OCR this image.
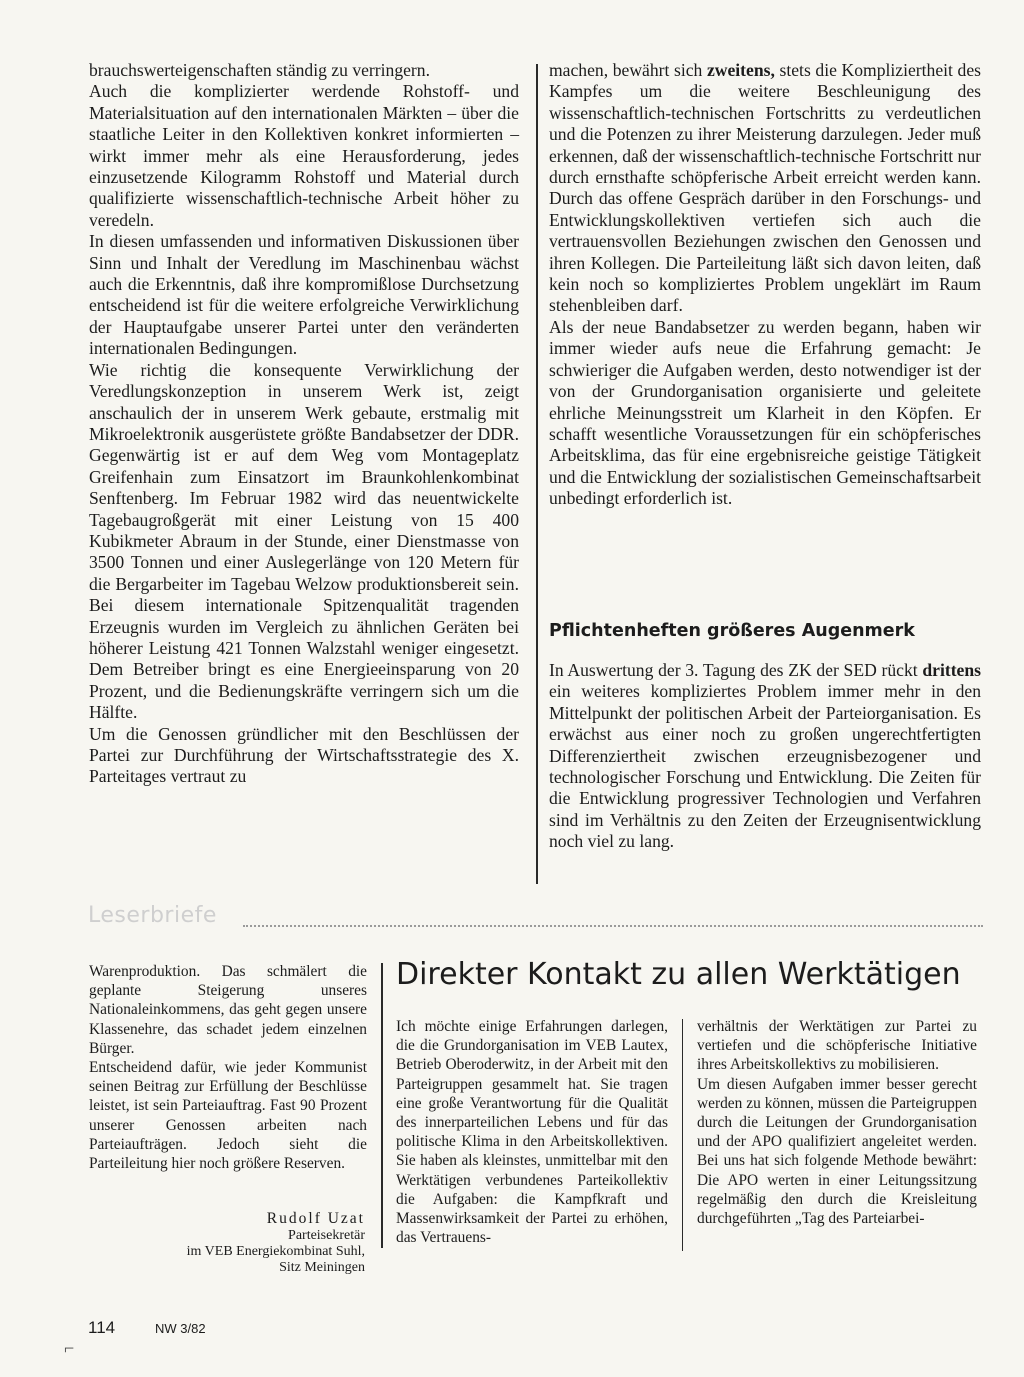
brauchswerteigenschaften ständig zu verringern.

Auch die komplizierter werdende Rohstoff- und Materialsituation auf den internationalen Märkten – über die staatliche Leiter in den Kollektiven konkret informierten – wirkt immer mehr als eine Herausforderung, jedes einzusetzende Kilogramm Rohstoff und Material durch qualifizierte wissenschaftlich-technische Arbeit höher zu veredeln.

In diesen umfassenden und informativen Diskussionen über Sinn und Inhalt der Veredlung im Maschinenbau wächst auch die Erkenntnis, daß ihre kompromißlose Durchsetzung entscheidend ist für die weitere erfolgreiche Verwirklichung der Hauptaufgabe unserer Partei unter den veränderten internationalen Bedingungen.

Wie richtig die konsequente Verwirklichung der Veredlungskonzeption in unserem Werk ist, zeigt anschaulich der in unserem Werk gebaute, erstmalig mit Mikroelektronik ausgerüstete größte Bandabsetzer der DDR. Gegenwärtig ist er auf dem Weg vom Montageplatz Greifenhain zum Einsatzort im Braunkohlenkombinat Senftenberg. Im Februar 1982 wird das neuentwickelte Tagebaugroßgerät mit einer Leistung von 15 400 Kubikmeter Abraum in der Stunde, einer Dienstmasse von 3500 Tonnen und einer Auslegerlänge von 120 Metern für die Bergarbeiter im Tagebau Welzow produktionsbereit sein. Bei diesem internationale Spitzenqualität tragenden Erzeugnis wurden im Vergleich zu ähnlichen Geräten bei höherer Leistung 421 Tonnen Walzstahl weniger eingesetzt. Dem Betreiber bringt es eine Energieeinsparung von 20 Prozent, und die Bedienungskräfte verringern sich um die Hälfte.

Um die Genossen gründlicher mit den Beschlüssen der Partei zur Durchführung der Wirtschaftsstrategie des X. Parteitages vertraut zu

machen, bewährt sich zweitens, stets die Kompliziertheit des Kampfes um die weitere Beschleunigung des wissenschaftlich-technischen Fortschritts zu verdeutlichen und die Potenzen zu ihrer Meisterung darzulegen. Jeder muß erkennen, daß der wissenschaftlich-technische Fortschritt nur durch ernsthafte schöpferische Arbeit erreicht werden kann. Durch das offene Gespräch darüber in den Forschungs- und Entwicklungskollektiven vertiefen sich auch die vertrauensvollen Beziehungen zwischen den Genossen und ihren Kollegen. Die Parteileitung läßt sich davon leiten, daß kein noch so kompliziertes Problem ungeklärt im Raum stehenbleiben darf.

Als der neue Bandabsetzer zu werden begann, haben wir immer wieder aufs neue die Erfahrung gemacht: Je schwieriger die Aufgaben werden, desto notwendiger ist der von der Grundorganisation organisierte und geleitete ehrliche Meinungsstreit um Klarheit in den Köpfen. Er schafft wesentliche Voraussetzungen für ein schöpferisches Arbeitsklima, das für eine ergebnisreiche geistige Tätigkeit und die Entwicklung der sozialistischen Gemeinschaftsarbeit unbedingt erforderlich ist.

Pflichtenheften größeres Augenmerk

In Auswertung der 3. Tagung des ZK der SED rückt drittens ein weiteres kompliziertes Problem immer mehr in den Mittelpunkt der politischen Arbeit der Parteiorganisation. Es erwächst aus einer noch zu großen ungerechtfertigten Differenziertheit zwischen erzeugnisbezogener und technologischer Forschung und Entwicklung. Die Zeiten für die Entwicklung progressiver Technologien und Verfahren sind im Verhältnis zu den Zeiten der Erzeugnisentwicklung noch viel zu lang.

Leserbriefe

Warenproduktion. Das schmälert die geplante Steigerung unseres Nationaleinkommens, das geht gegen unsere Klassenehre, das schadet jedem einzelnen Bürger.

Entscheidend dafür, wie jeder Kommunist seinen Beitrag zur Erfüllung der Beschlüsse leistet, ist sein Parteiauftrag. Fast 90 Prozent unserer Genossen arbeiten nach Parteiaufträgen. Jedoch sieht die Parteileitung hier noch größere Reserven.

Rudolf Uzat
Parteisekretär
im VEB Energiekombinat Suhl,
Sitz Meiningen
Direkter Kontakt zu allen Werktätigen

Ich möchte einige Erfahrungen darlegen, die die Grundorganisation im VEB Lautex, Betrieb Oberoderwitz, in der Arbeit mit den Parteigruppen gesammelt hat. Sie tragen eine große Verantwortung für die Qualität des innerparteilichen Lebens und für das politische Klima in den Arbeitskollektiven. Sie haben als kleinstes, unmittelbar mit den Werktätigen verbundenes Parteikollektiv die Aufgaben: die Kampfkraft und Massenwirksamkeit der Partei zu erhöhen, das Vertrauens-

verhältnis der Werktätigen zur Partei zu vertiefen und die schöpferische Initiative ihres Arbeitskollektivs zu mobilisieren.

Um diesen Aufgaben immer besser gerecht werden zu können, müssen die Parteigruppen durch die Leitungen der Grundorganisation und der APO qualifiziert angeleitet werden. Bei uns hat sich folgende Methode bewährt: Die APO werten in einer Leitungssitzung regelmäßig den durch die Kreisleitung durchgeführten „Tag des Parteiarbei-

114	NW 3/82
⌐
